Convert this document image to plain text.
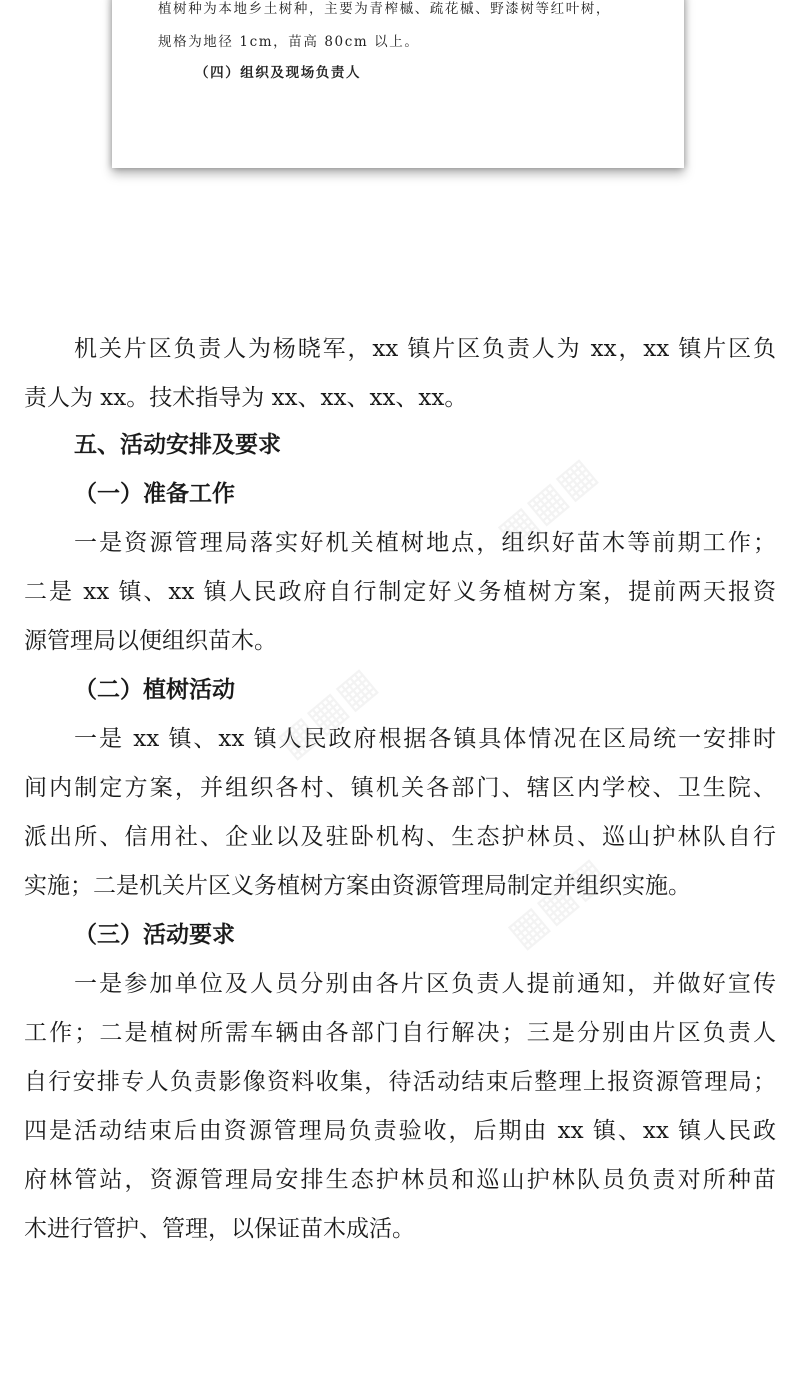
植树种为本地乡土树种，主要为青榨槭、疏花槭、野漆树等红叶树，
规格为地径 1cm，苗高 80cm 以上。
（四）组织及现场负责人
机关片区负责人为杨晓军，xx 镇片区负责人为 xx，xx 镇片区负
责人为 xx。技术指导为 xx、xx、xx、xx。
五、活动安排及要求
（一）准备工作
一是资源管理局落实好机关植树地点，组织好苗木等前期工作；
二是 xx 镇、xx 镇人民政府自行制定好义务植树方案，提前两天报资
源管理局以便组织苗木。
（二）植树活动
一是 xx 镇、xx 镇人民政府根据各镇具体情况在区局统一安排时
间内制定方案，并组织各村、镇机关各部门、辖区内学校、卫生院、
派出所、信用社、企业以及驻卧机构、生态护林员、巡山护林队自行
实施；二是机关片区义务植树方案由资源管理局制定并组织实施。
（三）活动要求
一是参加单位及人员分别由各片区负责人提前通知，并做好宣传
工作；二是植树所需车辆由各部门自行解决；三是分别由片区负责人
自行安排专人负责影像资料收集，待活动结束后整理上报资源管理局；
四是活动结束后由资源管理局负责验收，后期由 xx 镇、xx 镇人民政
府林管站，资源管理局安排生态护林员和巡山护林队员负责对所种苗
木进行管护、管理，以保证苗木成活。
▦▦▦
▦▦▦
▦▦▦
